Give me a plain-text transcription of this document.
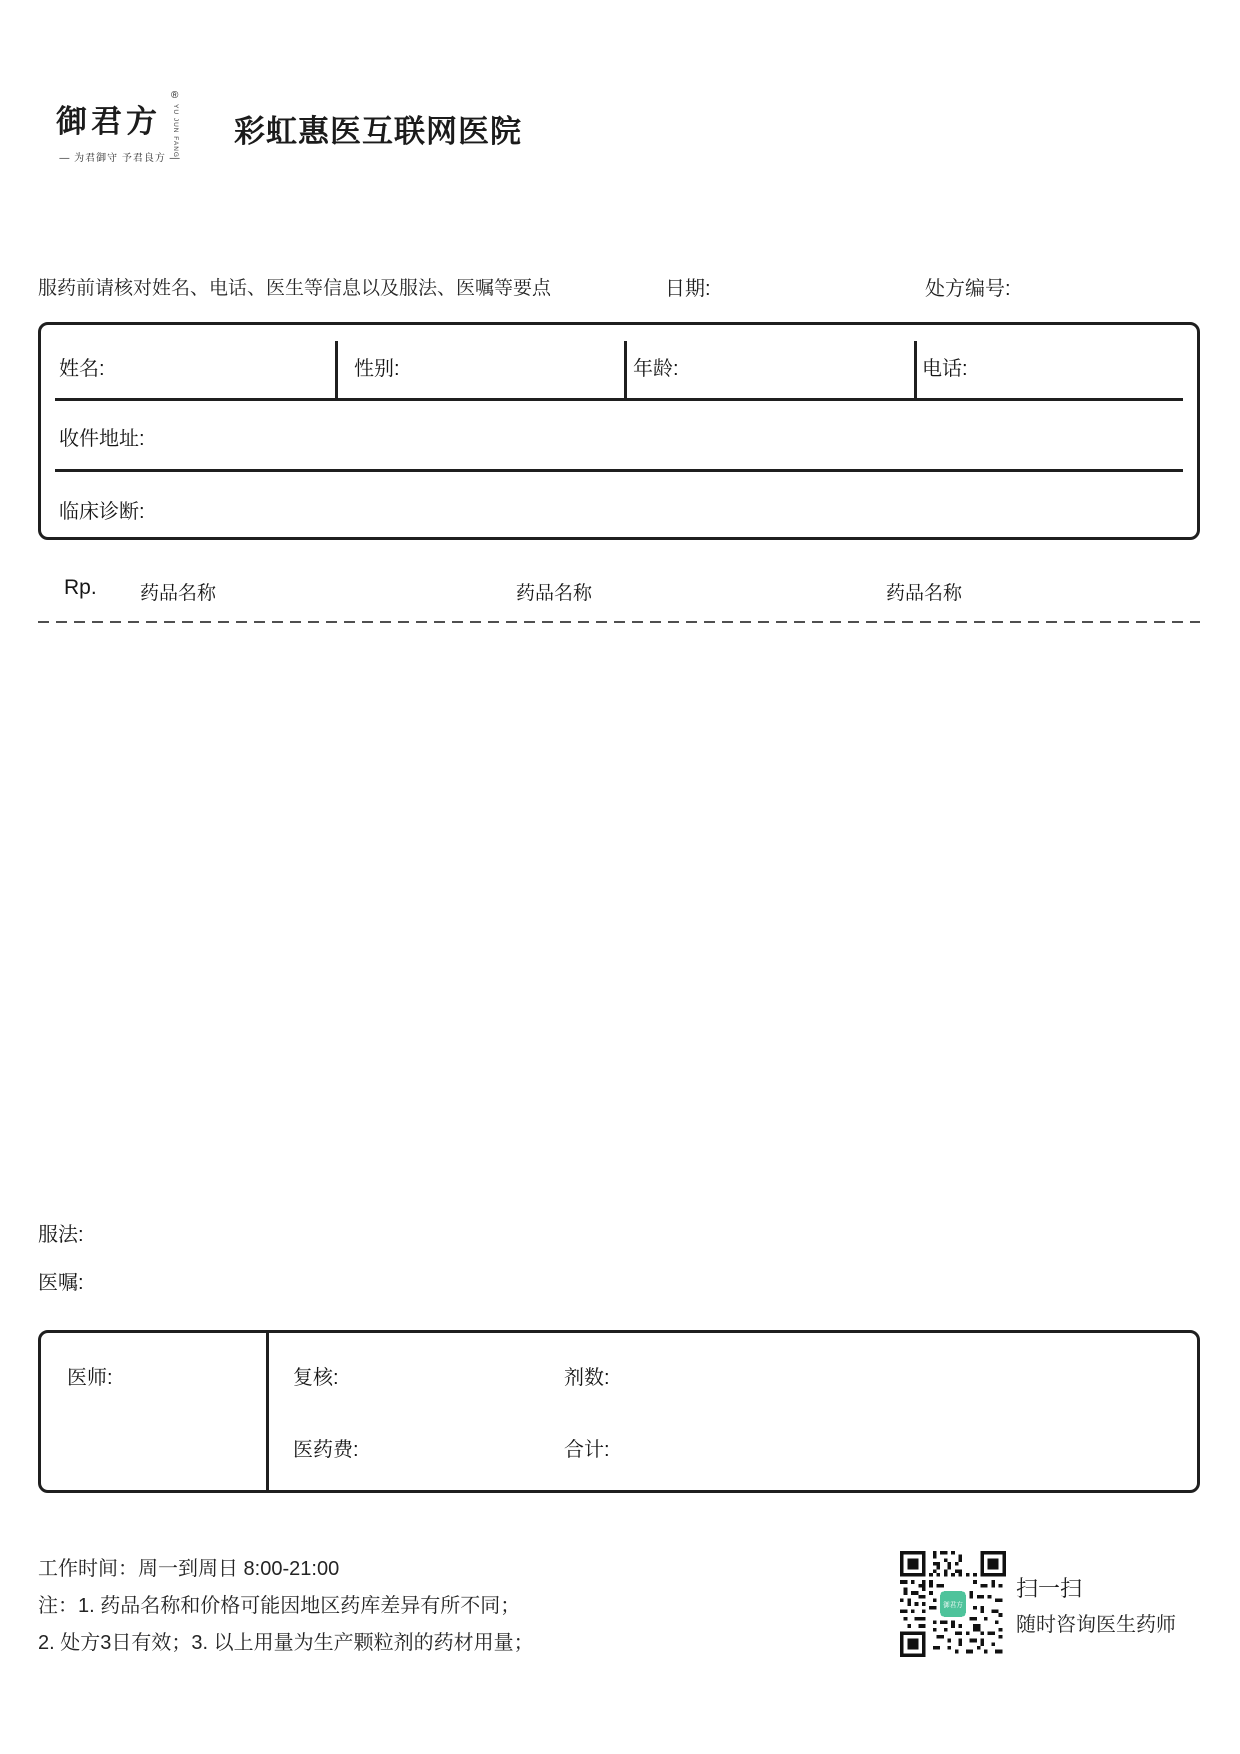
御君方
®
YU JUN FANG
— 为君御守 予君良方 —
彩虹惠医互联网医院
服药前请核对姓名、电话、医生等信息以及服法、医嘱等要点	日期:	处方编号:
姓名:	性别:	年龄:	电话:
收件地址:
临床诊断:
Rp. 药品名称	药品名称	药品名称
服法:
医嘱:
医师:	复核:	剂数:
医药费:	合计:
工作时间：周一到周日 8:00-21:00
注：1. 药品名称和价格可能因地区药库差异有所不同；
2. 处方3日有效；3. 以上用量为生产颗粒剂的药材用量；
御君方
扫一扫
随时咨询医生药师
